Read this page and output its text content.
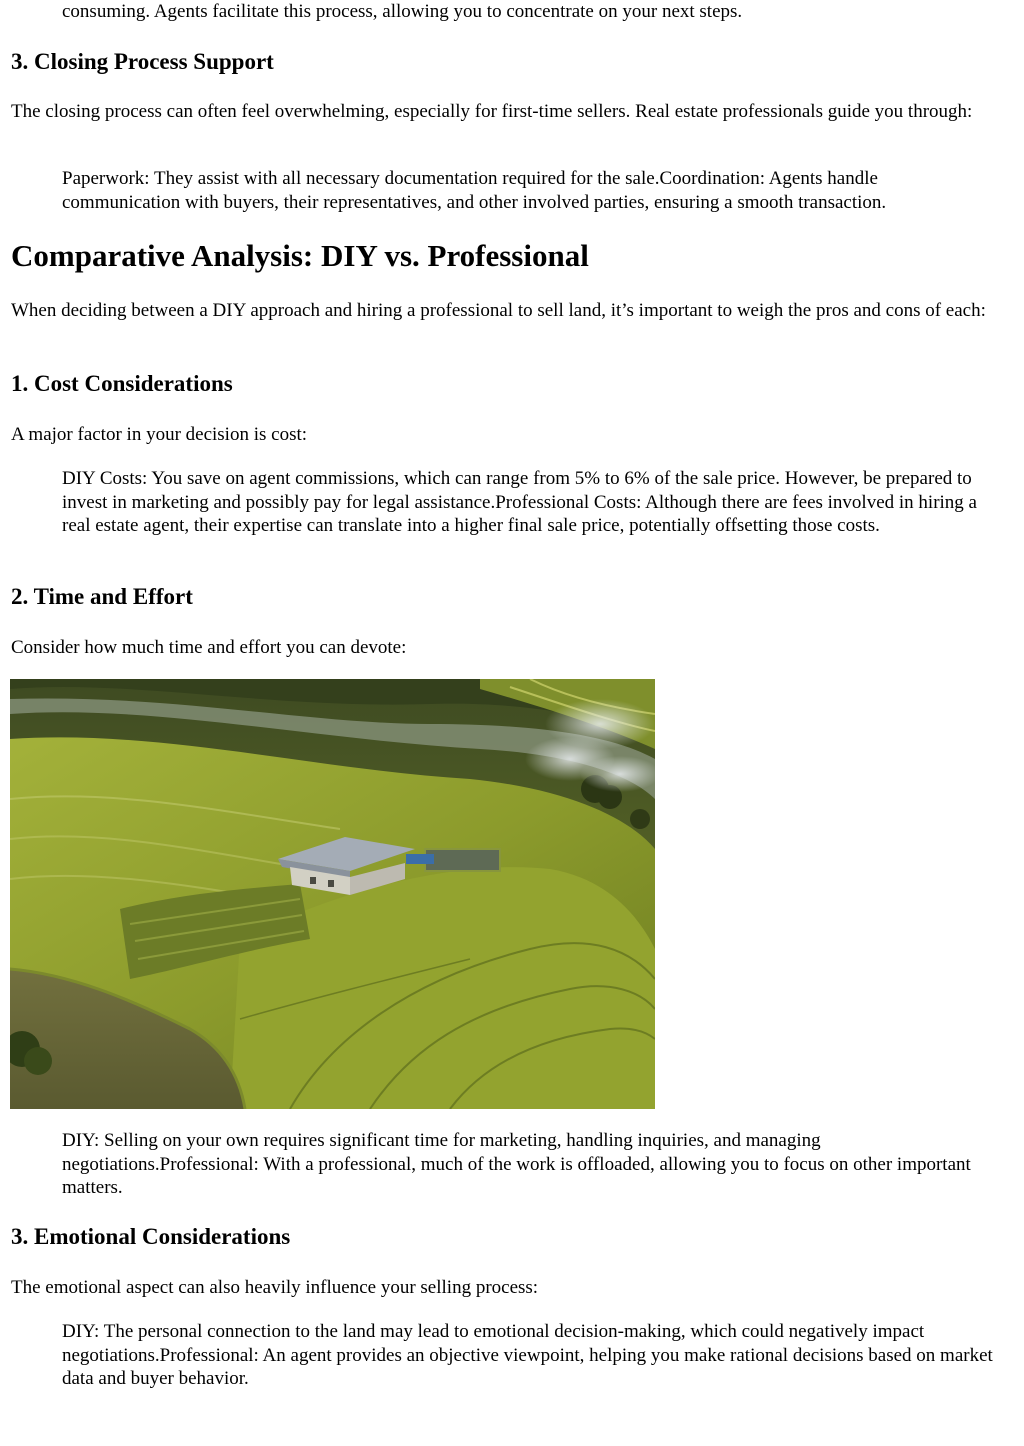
consuming. Agents facilitate this process, allowing you to concentrate on your next steps.

3. Closing Process Support

The closing process can often feel overwhelming, especially for first-time sellers. Real estate professionals guide you through:

Paperwork: They assist with all necessary documentation required for the sale.Coordination: Agents handle communication with buyers, their representatives, and other involved parties, ensuring a smooth transaction.

Comparative Analysis: DIY vs. Professional

When deciding between a DIY approach and hiring a professional to sell land, it’s important to weigh the pros and cons of each:

1. Cost Considerations

A major factor in your decision is cost:

DIY Costs: You save on agent commissions, which can range from 5% to 6% of the sale price. However, be prepared to invest in marketing and possibly pay for legal assistance.Professional Costs: Although there are fees involved in hiring a real estate agent, their expertise can translate into a higher final sale price, potentially offsetting those costs.

2. Time and Effort

Consider how much time and effort you can devote:

DIY: Selling on your own requires significant time for marketing, handling inquiries, and managing negotiations.Professional: With a professional, much of the work is offloaded, allowing you to focus on other important matters.

3. Emotional Considerations

The emotional aspect can also heavily influence your selling process:

DIY: The personal connection to the land may lead to emotional decision-making, which could negatively impact negotiations.Professional: An agent provides an objective viewpoint, helping you make rational decisions based on market data and buyer behavior.
